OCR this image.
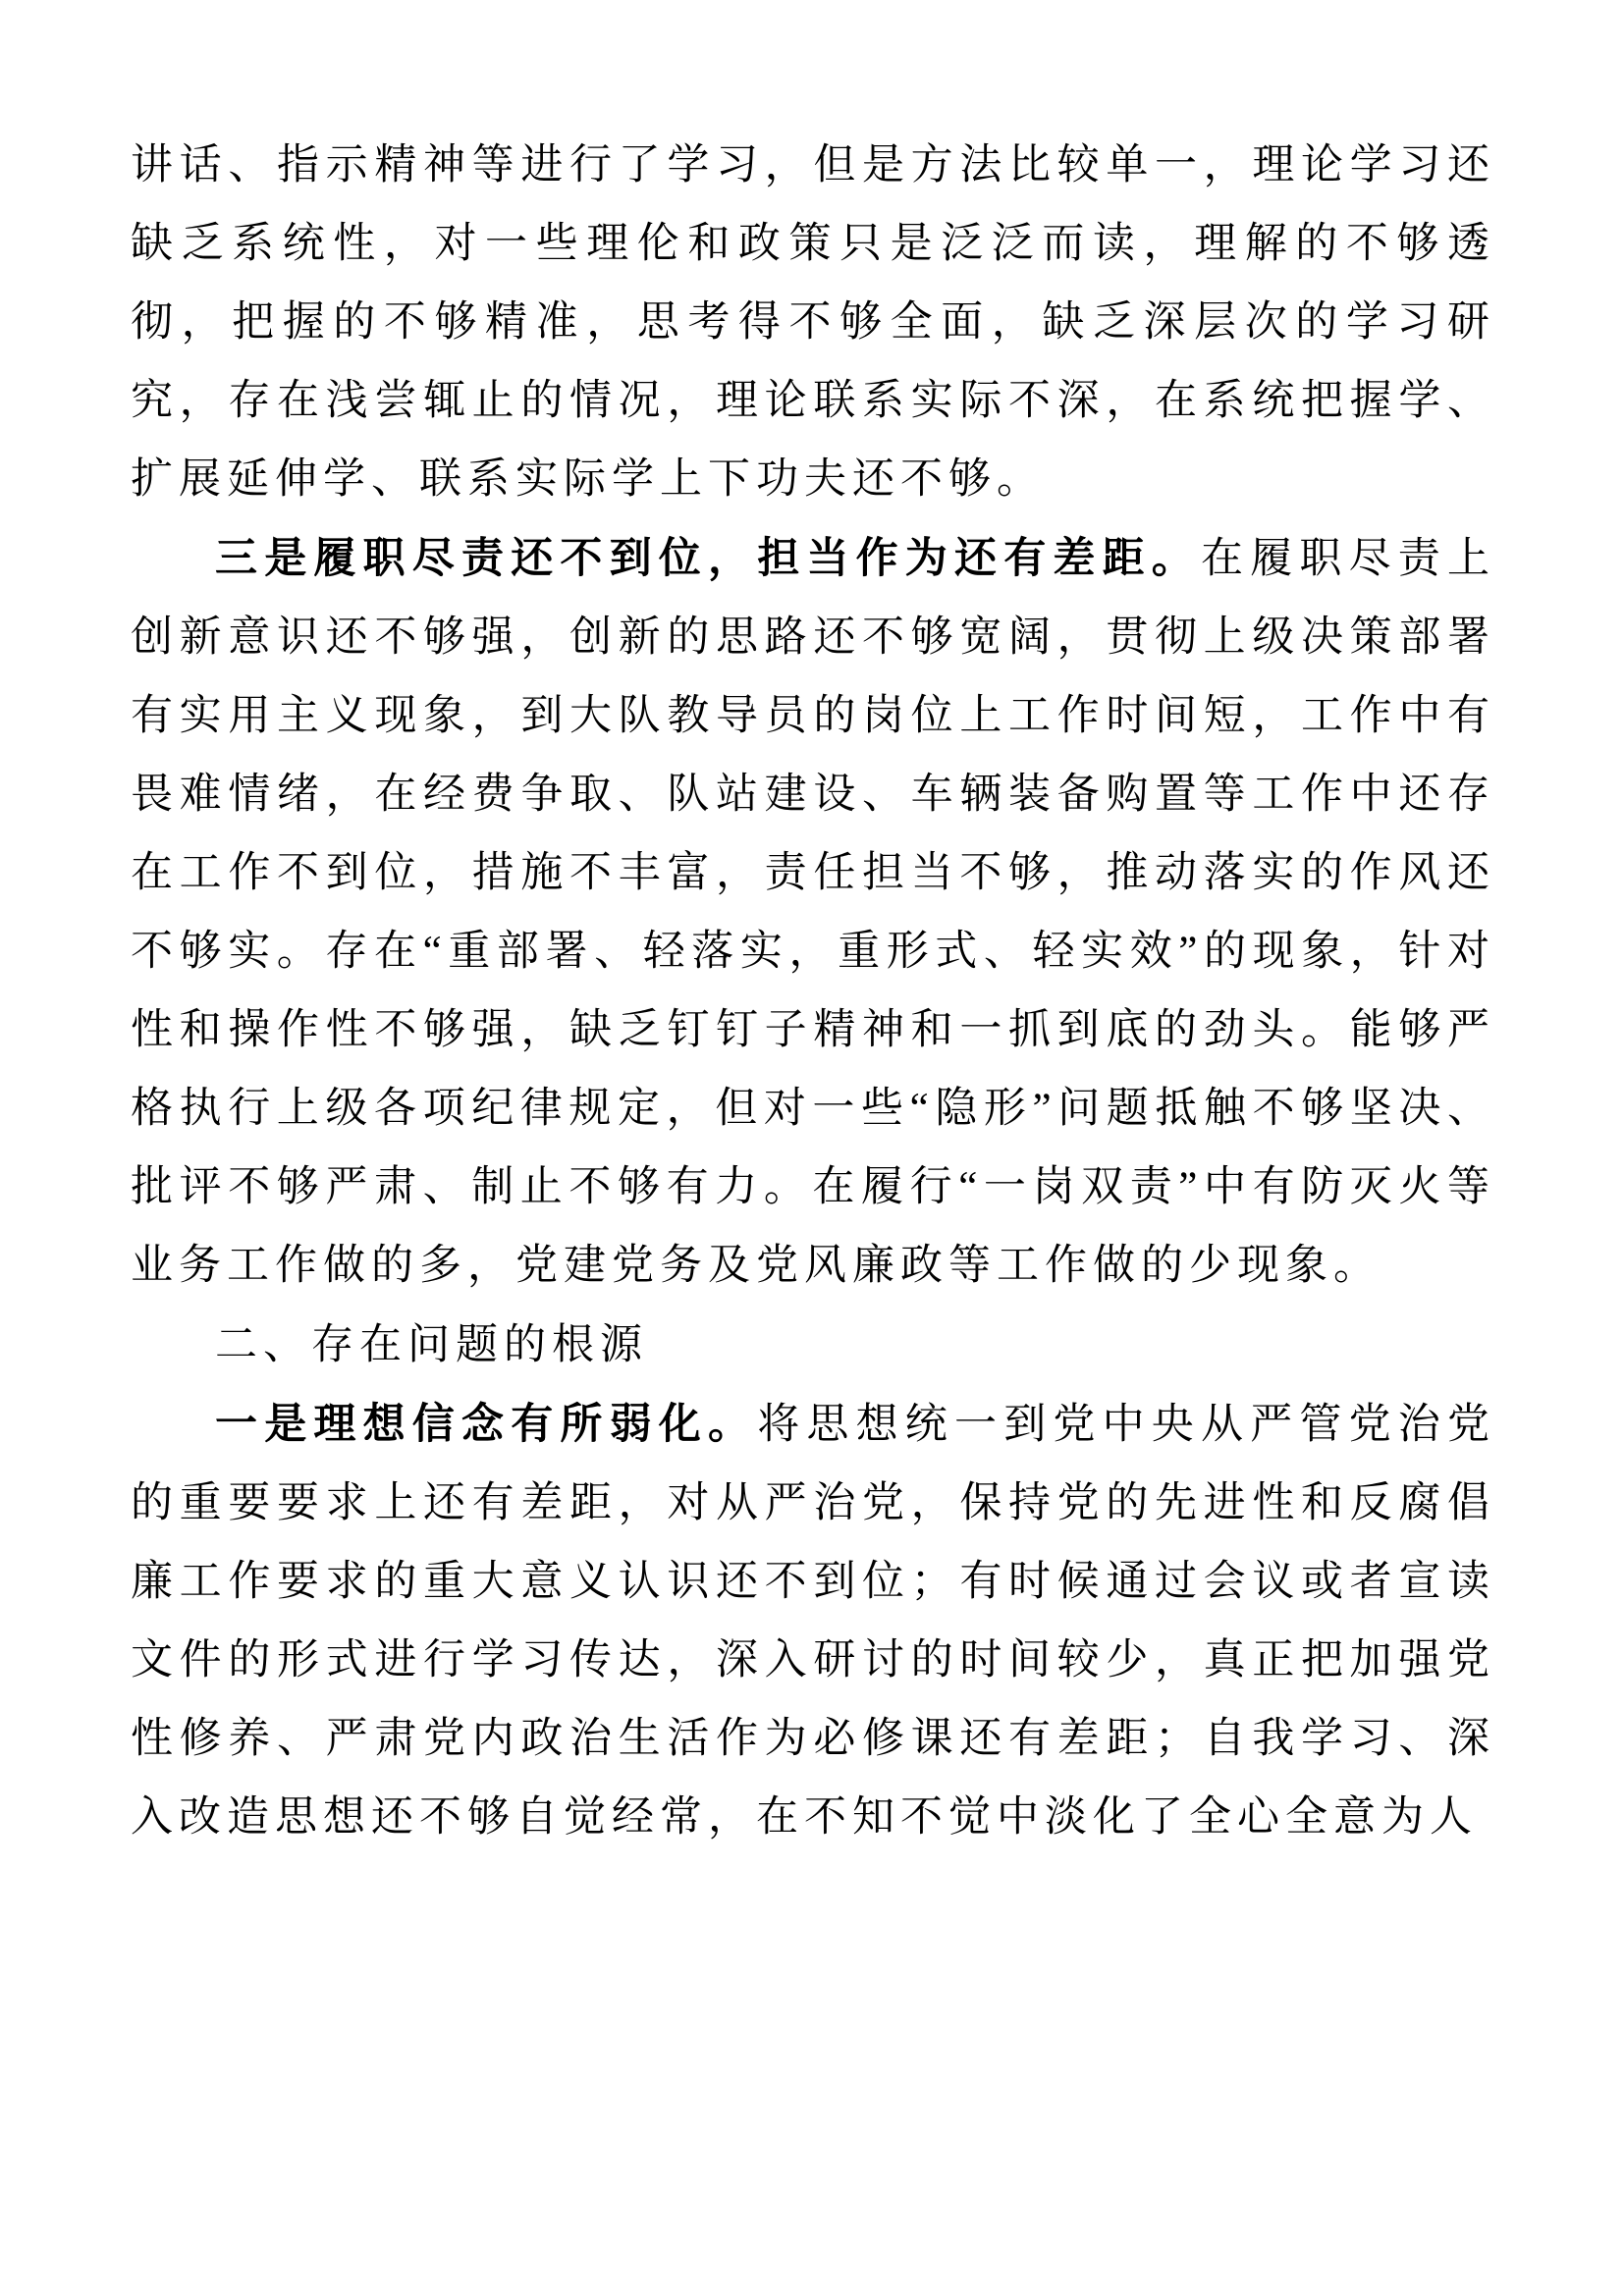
讲话、指示精神等进行了学习，但是方法比较单一，理论学习还缺乏系统性，对一些理伦和政策只是泛泛而读，理解的不够透彻，把握的不够精准，思考得不够全面，缺乏深层次的学习研究，存在浅尝辄止的情况，理论联系实际不深，在系统把握学、扩展延伸学、联系实际学上下功夫还不够。

三是履职尽责还不到位，担当作为还有差距。在履职尽责上创新意识还不够强，创新的思路还不够宽阔，贯彻上级决策部署有实用主义现象，到大队教导员的岗位上工作时间短，工作中有畏难情绪，在经费争取、队站建设、车辆装备购置等工作中还存在工作不到位，措施不丰富，责任担当不够，推动落实的作风还不够实。存在“重部署、轻落实，重形式、轻实效”的现象，针对性和操作性不够强，缺乏钉钉子精神和一抓到底的劲头。能够严格执行上级各项纪律规定，但对一些“隐形”问题抵触不够坚决、批评不够严肃、制止不够有力。在履行“一岗双责”中有防灭火等业务工作做的多，党建党务及党风廉政等工作做的少现象。

二、存在问题的根源

一是理想信念有所弱化。将思想统一到党中央从严管党治党的重要要求上还有差距，对从严治党，保持党的先进性和反腐倡廉工作要求的重大意义认识还不到位；有时候通过会议或者宣读文件的形式进行学习传达，深入研讨的时间较少，真正把加强党性修养、严肃党内政治生活作为必修课还有差距；自我学习、深入改造思想还不够自觉经常，在不知不觉中淡化了全心全意为人
